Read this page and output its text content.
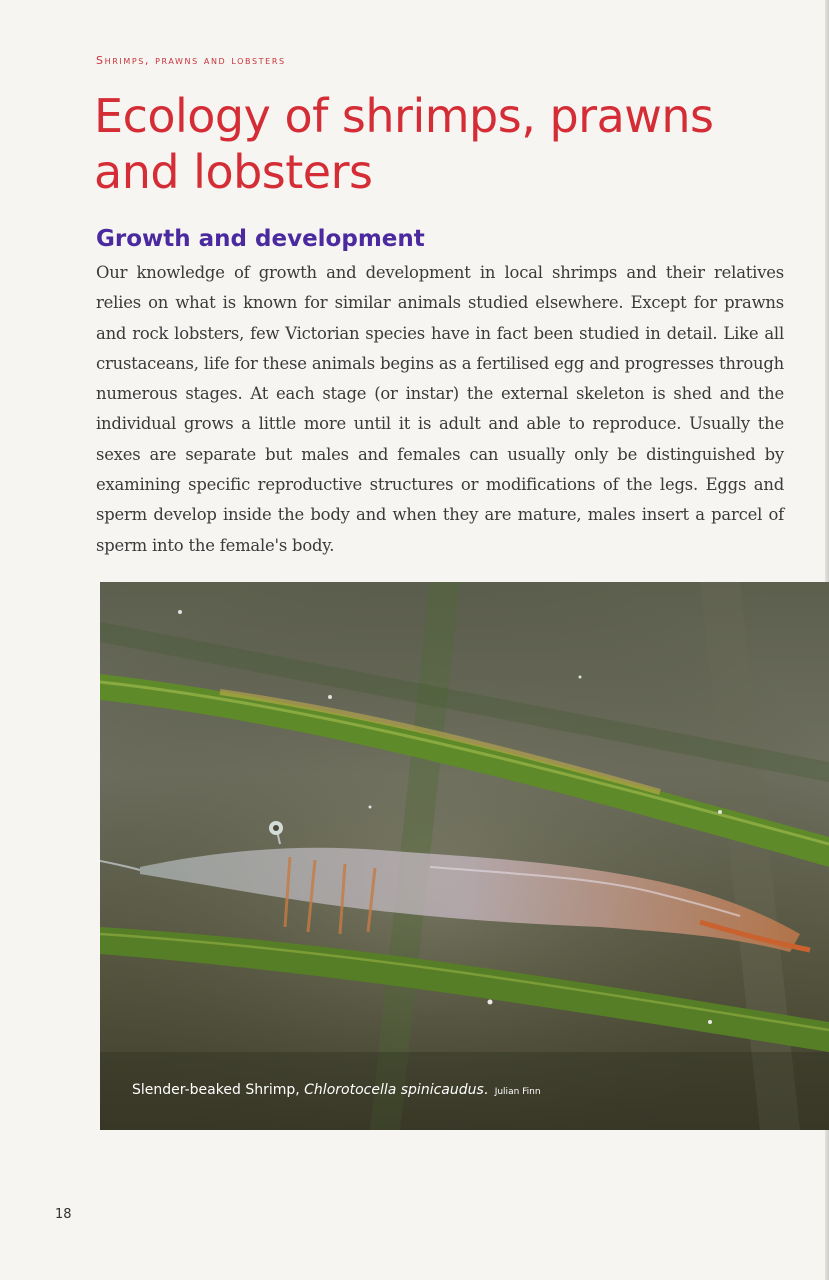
Shrimps, prawns and lobsters
Ecology of shrimps, prawns and lobsters
Growth and development

Our knowledge of growth and development in local shrimps and their relatives relies on what is known for similar animals studied elsewhere. Except for prawns and rock lobsters, few Victorian species have in fact been studied in detail. Like all crustaceans, life for these animals begins as a fertilised egg and progresses through numerous stages. At each stage (or instar) the external skeleton is shed and the individual grows a little more until it is adult and able to reproduce. Usually the sexes are separate but males and females can usually only be distinguished by examining specific reproductive structures or modifications of the legs. Eggs and sperm develop inside the body and when they are mature, males insert a parcel of sperm into the female's body.

Slender-beaked Shrimp, Chlorotocella spinicaudus. Julian Finn
18
